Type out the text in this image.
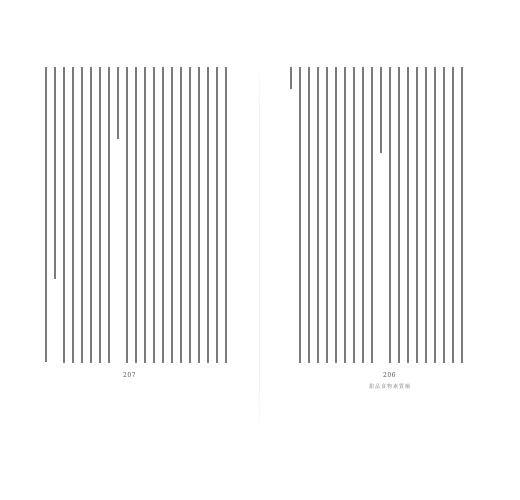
207	206
甜品食物素質檢
